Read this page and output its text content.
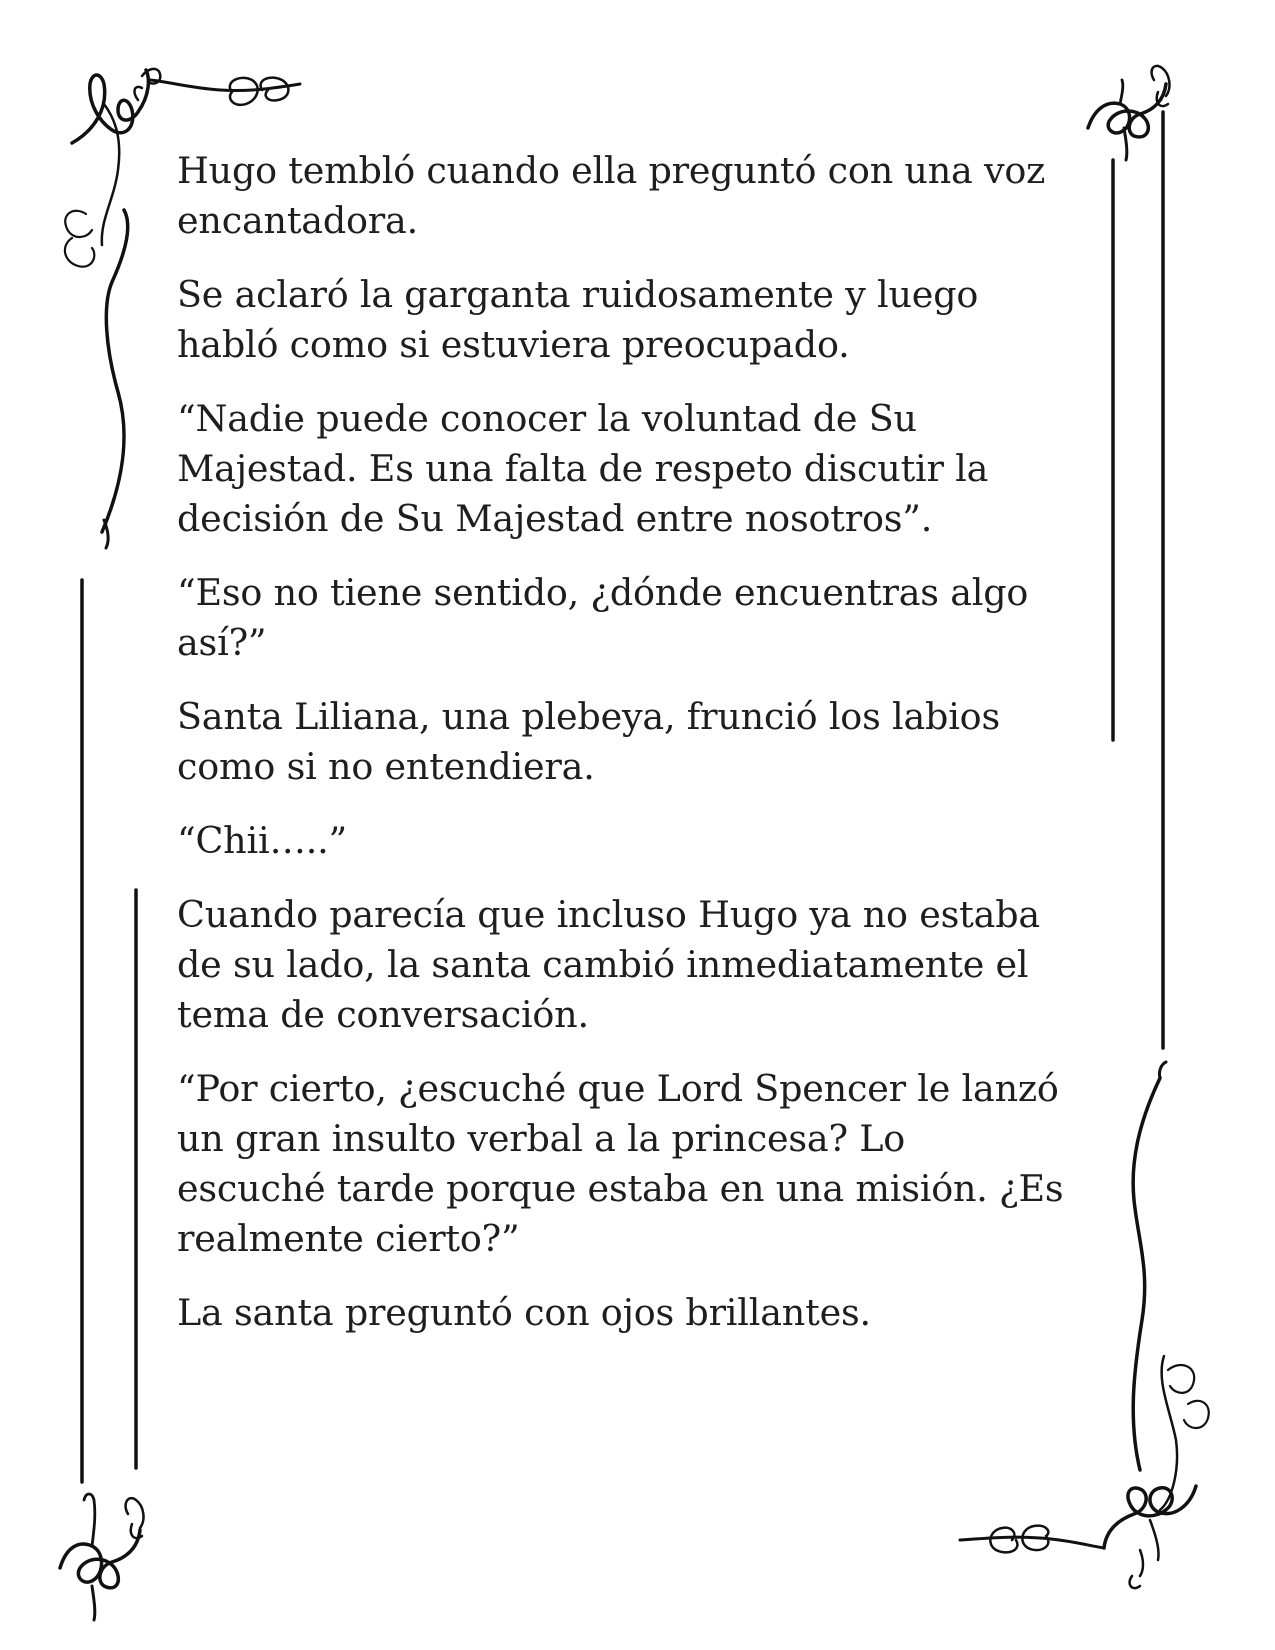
Hugo tembló cuando ella preguntó con una voz
encantadora.

Se aclaró la garganta ruidosamente y luego
habló como si estuviera preocupado.

“Nadie puede conocer la voluntad de Su
Majestad. Es una falta de respeto discutir la
decisión de Su Majestad entre nosotros”.

“Eso no tiene sentido, ¿dónde encuentras algo
así?”

Santa Liliana, una plebeya, frunció los labios
como si no entendiera.

“Chii…..”

Cuando parecía que incluso Hugo ya no estaba
de su lado, la santa cambió inmediatamente el
tema de conversación.

“Por cierto, ¿escuché que Lord Spencer le lanzó
un gran insulto verbal a la princesa? Lo
escuché tarde porque estaba en una misión. ¿Es
realmente cierto?”

La santa preguntó con ojos brillantes.
